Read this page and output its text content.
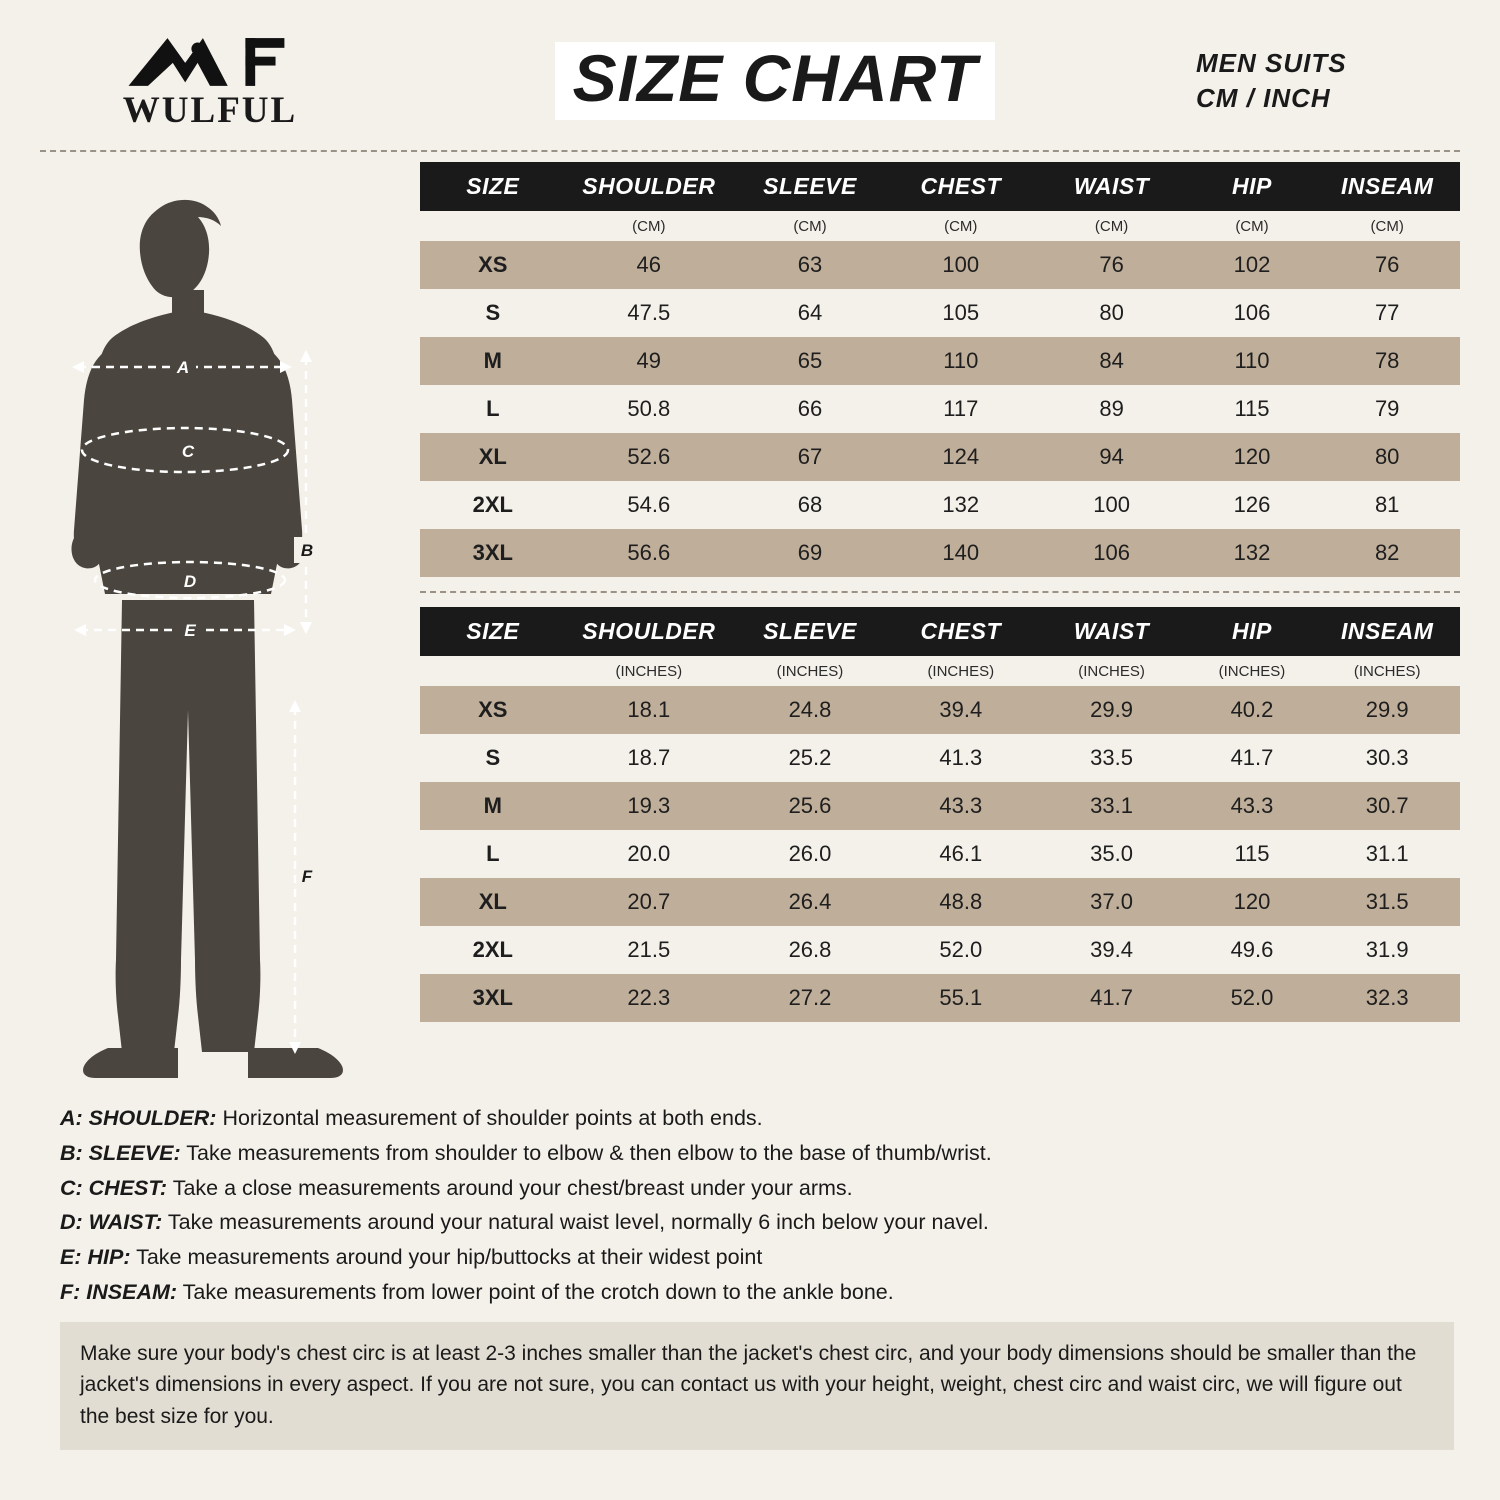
WULFUL	SIZE CHART	MEN SUITS
CM / INCH
A
B
C
D
E
F
SIZE	SHOULDER	SLEEVE	CHEST	WAIST	HIP	INSEAM
	(CM)	(CM)	(CM)	(CM)	(CM)	(CM)
XS	46	63	100	76	102	76
S	47.5	64	105	80	106	77
M	49	65	110	84	110	78
L	50.8	66	117	89	115	79
XL	52.6	67	124	94	120	80
2XL	54.6	68	132	100	126	81
3XL	56.6	69	140	106	132	82
SIZE	SHOULDER	SLEEVE	CHEST	WAIST	HIP	INSEAM
	(INCHES)	(INCHES)	(INCHES)	(INCHES)	(INCHES)	(INCHES)
XS	18.1	24.8	39.4	29.9	40.2	29.9
S	18.7	25.2	41.3	33.5	41.7	30.3
M	19.3	25.6	43.3	33.1	43.3	30.7
L	20.0	26.0	46.1	35.0	115	31.1
XL	20.7	26.4	48.8	37.0	120	31.5
2XL	21.5	26.8	52.0	39.4	49.6	31.9
3XL	22.3	27.2	55.1	41.7	52.0	32.3
A: SHOULDER: Horizontal measurement of shoulder points at both ends.
B: SLEEVE: Take measurements from shoulder to elbow & then elbow to the base of thumb/wrist.
C: CHEST: Take a close measurements around your chest/breast under your arms.
D: WAIST: Take measurements around your natural waist level, normally 6 inch below your navel.
E: HIP: Take measurements around your hip/buttocks at their widest point
F: INSEAM: Take measurements from lower point of the crotch down to the ankle bone.
Make sure your body's chest circ is at least 2-3 inches smaller than the jacket's chest circ, and your body dimensions should be smaller than the jacket's dimensions in every aspect. If you are not sure, you can contact us with your height, weight, chest circ and waist circ, we will figure out the best size for you.
